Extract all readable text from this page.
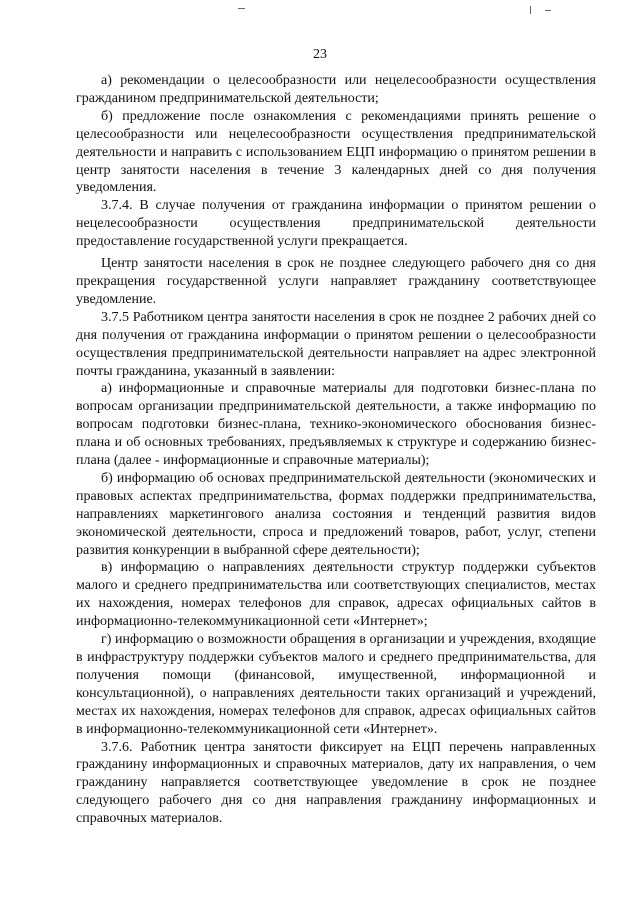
23

а) рекомендации о целесообразности или нецелесообразности осуществления гражданином предпринимательской деятельности;

б) предложение после ознакомления с рекомендациями принять решение о целесообразности или нецелесообразности осуществления предпринимательской деятельности и направить с использованием ЕЦП информацию о принятом решении в центр занятости населения в течение 3 календарных дней со дня получения уведомления.

3.7.4. В случае получения от гражданина информации о принятом решении о нецелесообразности осуществления предпринимательской деятельности предоставление государственной услуги прекращается.

Центр занятости населения в срок не позднее следующего рабочего дня со дня прекращения государственной услуги направляет гражданину соответствующее уведомление.

3.7.5 Работником центра занятости населения в срок не позднее 2 рабочих дней со дня получения от гражданина информации о принятом решении о целесообразности осуществления предпринимательской деятельности направляет на адрес электронной почты гражданина, указанный в заявлении:

а) информационные и справочные материалы для подготовки бизнес-плана по вопросам организации предпринимательской деятельности, а также информацию по вопросам подготовки бизнес-плана, технико-экономического обоснования бизнес-плана и об основных требованиях, предъявляемых к структуре и содержанию бизнес-плана (далее - информационные и справочные материалы);

б) информацию об основах предпринимательской деятельности (экономических и правовых аспектах предпринимательства, формах поддержки предпринимательства, направлениях маркетингового анализа состояния и тенденций развития видов экономической деятельности, спроса и предложений товаров, работ, услуг, степени развития конкуренции в выбранной сфере деятельности);

в) информацию о направлениях деятельности структур поддержки субъектов малого и среднего предпринимательства или соответствующих специалистов, местах их нахождения, номерах телефонов для справок, адресах официальных сайтов в информационно-телекоммуникационной сети «Интернет»;

г) информацию о возможности обращения в организации и учреждения, входящие в инфраструктуру поддержки субъектов малого и среднего предпринимательства, для получения помощи (финансовой, имущественной, информационной и консультационной), о направлениях деятельности таких организаций и учреждений, местах их нахождения, номерах телефонов для справок, адресах официальных сайтов в информационно-телекоммуникационной сети «Интернет».

3.7.6. Работник центра занятости фиксирует на ЕЦП перечень направленных гражданину информационных и справочных материалов, дату их направления, о чем гражданину направляется соответствующее уведомление в срок не позднее следующего рабочего дня со дня направления гражданину информационных и справочных материалов.
